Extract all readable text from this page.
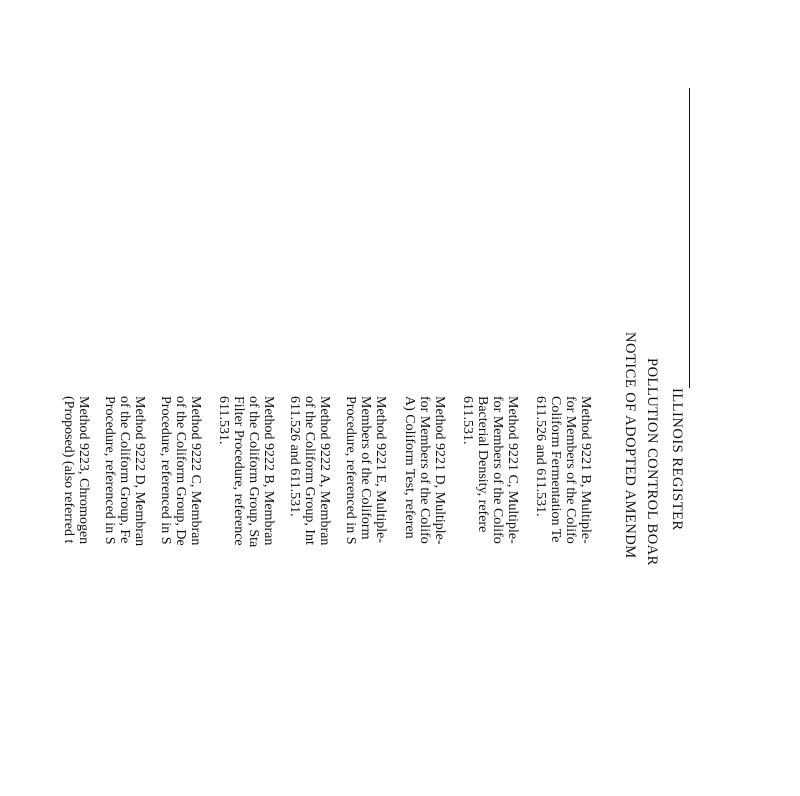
ILLINOIS REGISTER
POLLUTION CONTROL BOAR
NOTICE OF ADOPTED AMENDM
Method 9221 B, Multiple-
for Members of the Colifo
Coliform Fermentation Te
611.526 and 611.531.
Method 9221 C, Multiple-
for Members of the Colifo
Bacterial Density, refere
611.531.
Method 9221 D, Multiple-
for Members of the Colifo
A) Coliform Test, referen
Method 9221 E, Multiple-
Members of the Coliform
Procedure, referenced in S
Method 9222 A, Membran
of the Coliform Group, Int
611.526 and 611.531.
Method 9222 B, Membran
of the Coliform Group, Sta
Filter Procedure, reference
611.531.
Method 9222 C, Membran
of the Coliform Group, De
Procedure, referenced in S
Method 9222 D, Membran
of the Coliform Group, Fe
Procedure, referenced in S
Method 9223, Chromogen
(Proposed) (also referred t
